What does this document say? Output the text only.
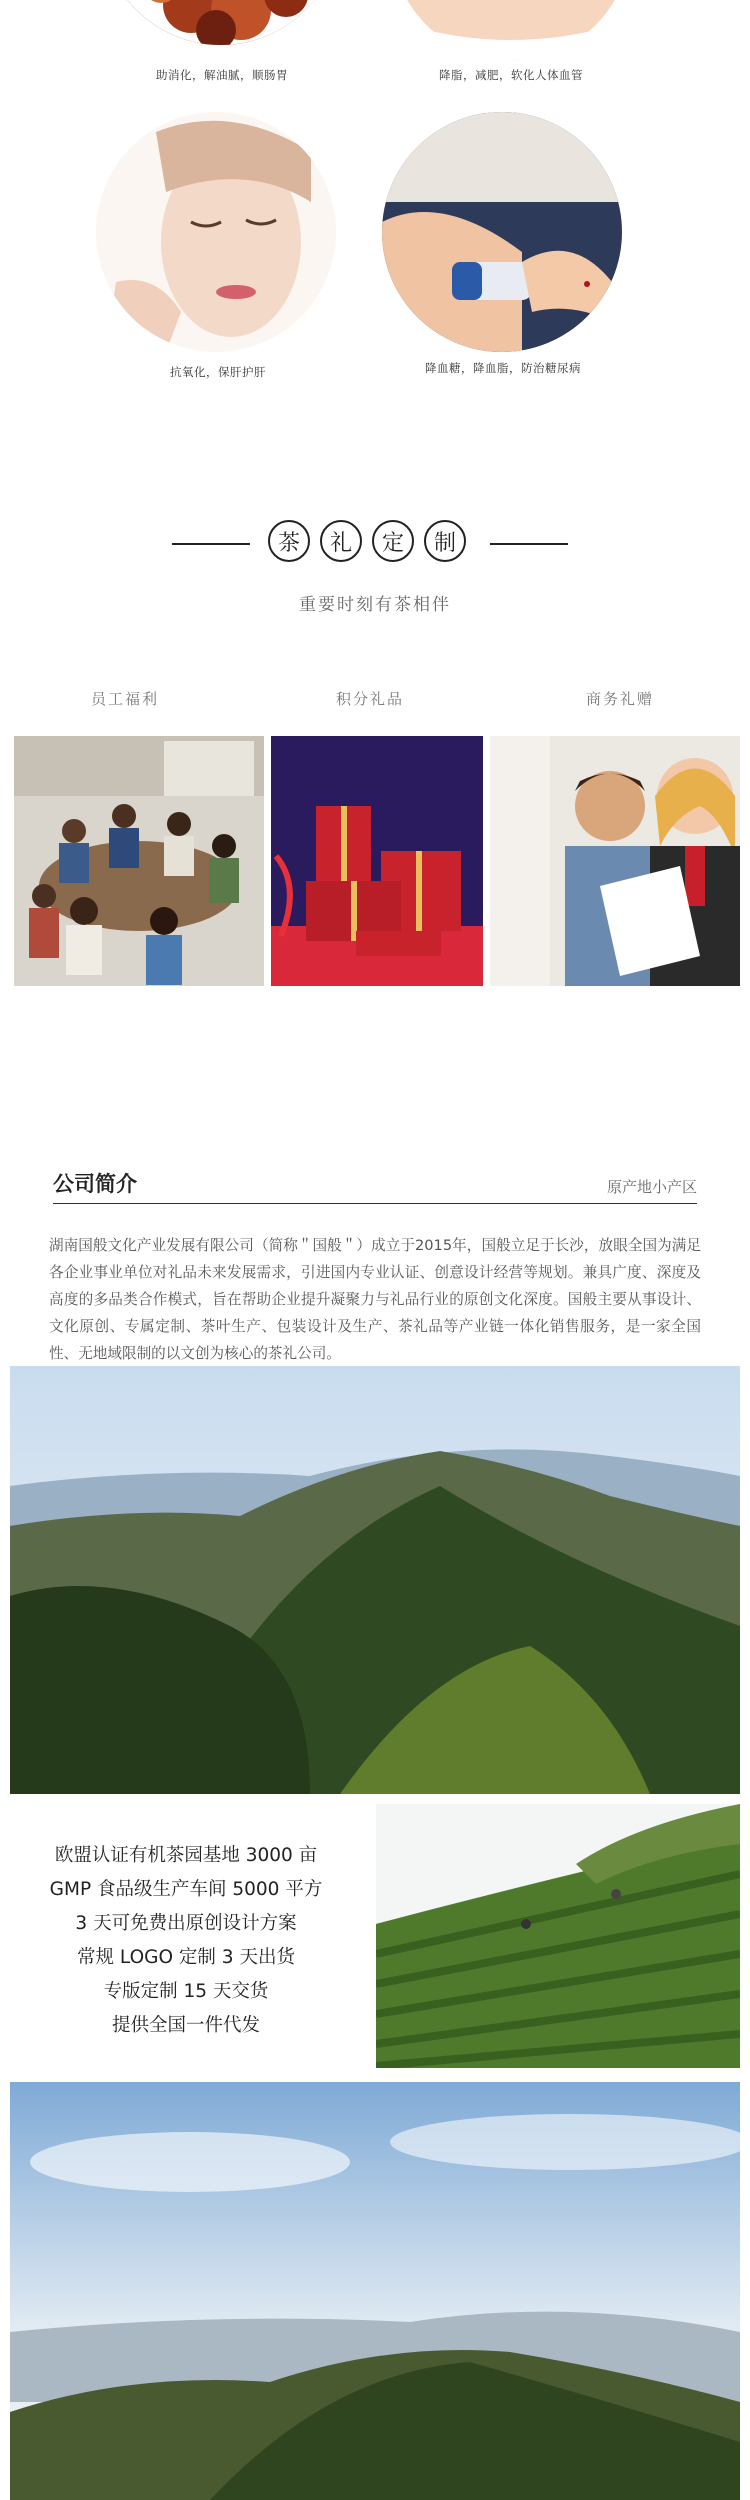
助消化，解油腻，顺肠胃	降脂，减肥，软化人体血管
抗氧化，保肝护肝	降血糖，降血脂，防治糖尿病
茶	礼	定	制
重要时刻有茶相伴
员工福利	积分礼品	商务礼赠
公司简介	原产地小产区
湖南国般文化产业发展有限公司（简称＂国般＂）成立于2015年，国般立足于长沙，放眼全国为满足各企业事业单位对礼品未来发展需求，引进国内专业认证、创意设计经营等规划。兼具广度、深度及高度的多品类合作模式，旨在帮助企业提升凝聚力与礼品行业的原创文化深度。国般主要从事设计、文化原创、专属定制、茶叶生产、包装设计及生产、茶礼品等产业链一体化销售服务，是一家全国性、无地域限制的以文创为核心的茶礼公司。
欧盟认证有机茶园基地 3000 亩
GMP 食品级生产车间 5000 平方
3 天可免费出原创设计方案
常规 LOGO 定制 3 天出货
专版定制 15 天交货
提供全国一件代发
